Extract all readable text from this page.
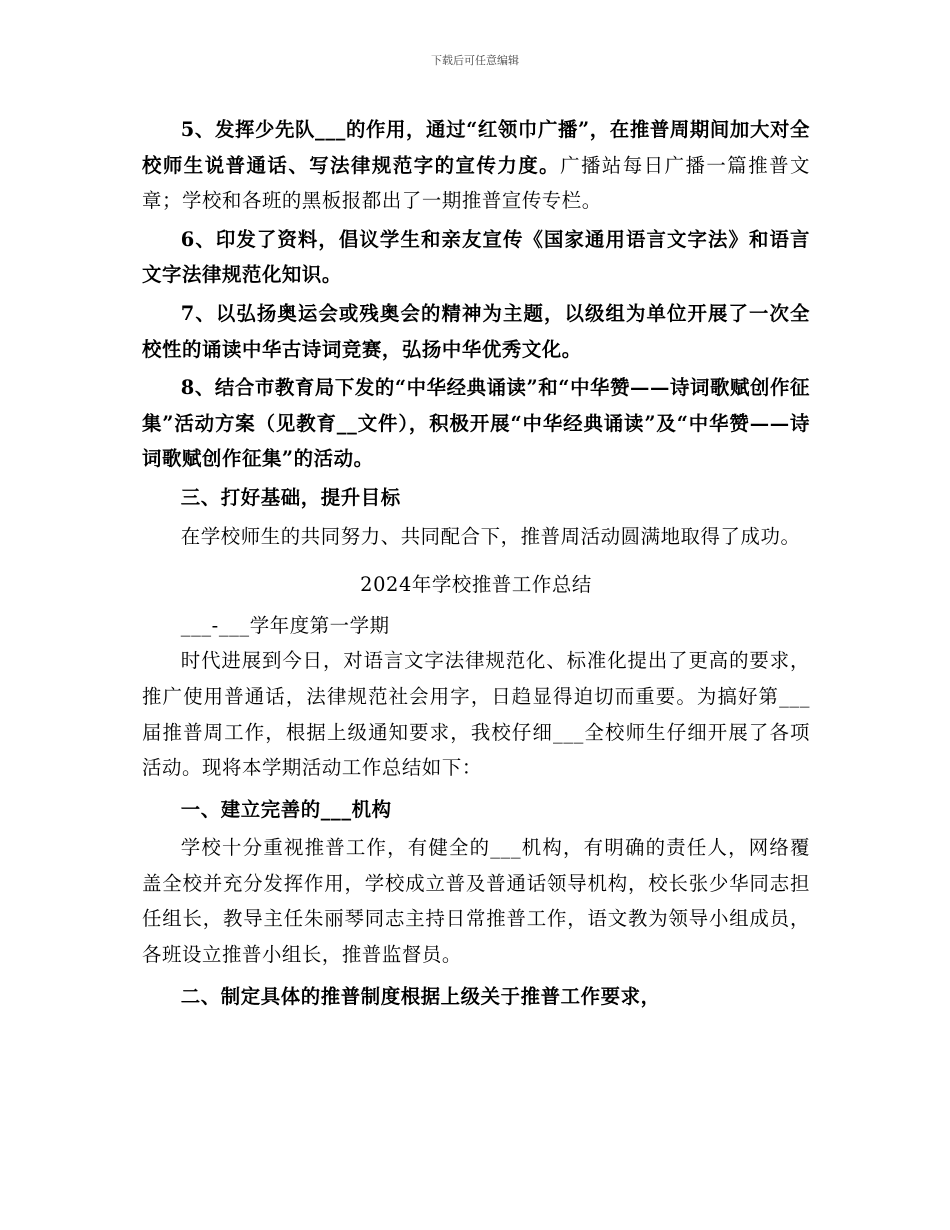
下载后可任意编辑

5、发挥少先队___的作用，通过“红领巾广播”，在推普周期间加大对全校师生说普通话、写法律规范字的宣传力度。广播站每日广播一篇推普文章；学校和各班的黑板报都出了一期推普宣传专栏。

6、印发了资料，倡议学生和亲友宣传《国家通用语言文字法》和语言文字法律规范化知识。

7、以弘扬奥运会或残奥会的精神为主题，以级组为单位开展了一次全校性的诵读中华古诗词竞赛，弘扬中华优秀文化。

8、结合市教育局下发的“中华经典诵读”和“中华赞——诗词歌赋创作征集”活动方案（见教育__文件），积极开展“中华经典诵读”及“中华赞——诗词歌赋创作征集”的活动。

三、打好基础，提升目标

在学校师生的共同努力、共同配合下，推普周活动圆满地取得了成功。

2024年学校推普工作总结

___-___学年度第一学期

时代进展到今日，对语言文字法律规范化、标准化提出了更高的要求，推广使用普通话，法律规范社会用字，日趋显得迫切而重要。为搞好第___届推普周工作，根据上级通知要求，我校仔细___全校师生仔细开展了各项活动。现将本学期活动工作总结如下：

一、建立完善的___机构

学校十分重视推普工作，有健全的___机构，有明确的责任人，网络覆盖全校并充分发挥作用，学校成立普及普通话领导机构，校长张少华同志担任组长，教导主任朱丽琴同志主持日常推普工作，语文教为领导小组成员，各班设立推普小组长，推普监督员。

二、制定具体的推普制度根据上级关于推普工作要求，
